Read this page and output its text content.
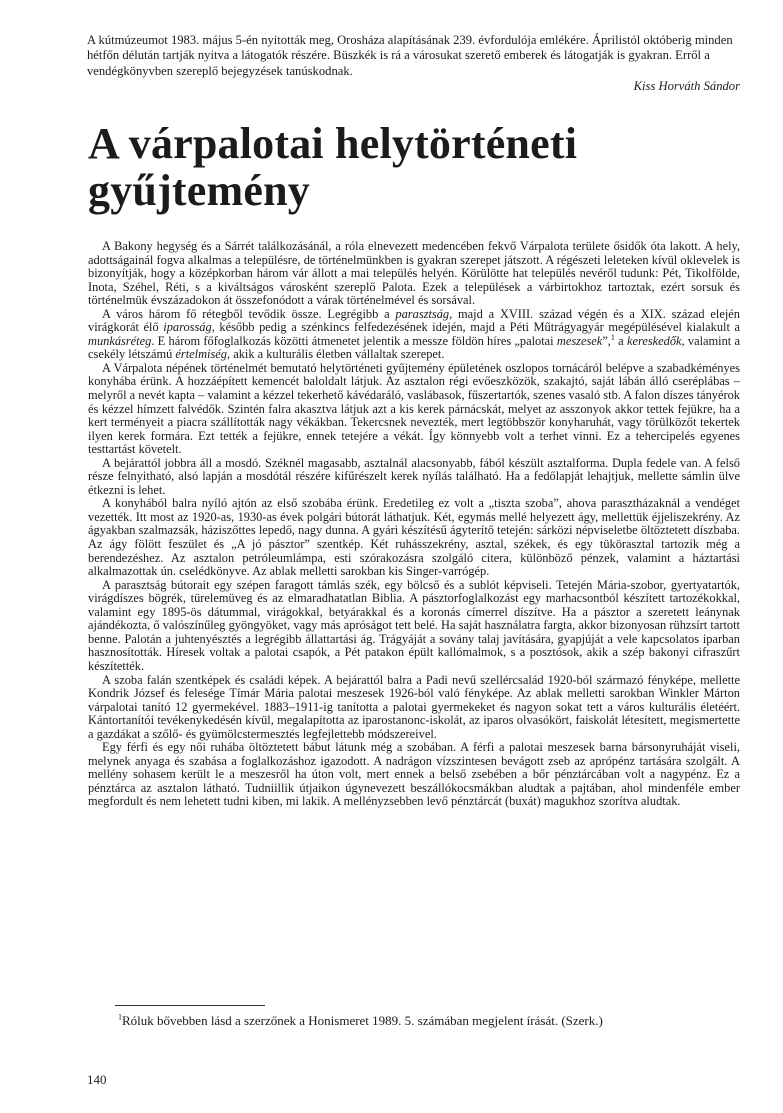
A kútmúzeumot 1983. május 5-én nyitották meg, Orosháza alapításának 239. évfordulója emlékére. Áprilistól októberig minden hétfőn délután tartják nyitva a látogatók részére. Büszkék is rá a városukat szerető emberek és látogatják is gyakran. Erről a vendégkönyvben szereplő bejegyzések tanúskodnak.

Kiss Horváth Sándor
A várpalotai helytörténeti gyűjtemény

A Bakony hegység és a Sárrét találkozásánál, a róla elnevezett medencében fekvő Várpalota területe ősidők óta lakott. A hely, adottságainál fogva alkalmas a településre, de történelmünkben is gyakran szerepet játszott. A régészeti leleteken kívül oklevelek is bizonyítják, hogy a középkorban három vár állott a mai település helyén. Körülötte hat település nevéről tudunk: Pét, Tikolföldе, Inota, Széhel, Réti, s a kiváltságos városként szereplő Palota. Ezek a települések a várbirtokhoz tartoztak, ezért sorsuk és történelmük évszázadokon át összefonódott a várak történelmével és sorsával.

A város három fő rétegből tevődik össze. Legrégibb a parasztság, majd a XVIII. század végén és a XIX. század elején virágkorát élő iparosság, később pedig a szénkincs felfedezésének idején, majd a Péti Műtrágyagyár megépülésével kialakult a munkásréteg. E három főfoglalkozás közötti átmenetet jelentik a messze földön híres „palotai meszesek”,$^1$ a kereskedők, valamint a csekély létszámú értelmiség, akik a kulturális életben vállaltak szerepet.

A Várpalota népének történelmét bemutató helytörténeti gyűjtemény épületének oszlopos tornácáról belépve a szabadkéményes konyhába érünk. A hozzáépített kemencét baloldalt látjuk. Az asztalon régi evőeszközök, szakajtó, saját lábán álló cseréplábas – melyről a nevét kapta – valamint a kézzel tekerhető kávédaráló, vaslábasok, fűszertartók, szenes vasaló stb. A falon díszes tányérok és kézzel hímzett falvédők. Szintén falra akasztva látjuk azt a kis kerek párnácskát, melyet az asszonyok akkor tettek fejükre, ha a kert terményeit a piacra szállították nagy vékákban. Tekercsnek nevezték, mert legtöbbször konyharuhát, vagy törülközőt tekertek ilyen kerek formára. Ezt tették a fejükre, ennek tetejére a vékát. Így könnyebb volt a terhet vinni. Ez a tehercipelés egyenes testtartást követelt.

A bejárattól jobbra áll a mosdó. Széknél magasabb, asztalnál alacsonyabb, fából készült asztalforma. Dupla fedele van. A felső része felnyitható, alsó lapján a mosdótál részére kifűrészelt kerek nyílás található. Ha a fedőlapját lehajtjuk, mellette sámlin ülve étkezni is lehet.

A konyhából balra nyíló ajtón az első szobába érünk. Eredetileg ez volt a „tiszta szoba”, ahova parasztházaknál a vendéget vezették. Itt most az 1920-as, 1930-as évek polgári bútorát láthatjuk. Két, egymás mellé helyezett ágy, mellettük éjjeliszekrény. Az ágyakban szalmazsák, háziszőttes lepedő, nagy dunna. A gyári készítésű ágyterítő tetején: sárközi népviseletbe öltöztetett díszbaba. Az ágy fölött feszület és „A jó pásztor” szentkép. Két ruhásszekrény, asztal, székek, és egy tükörasztal tartozik még a berendezéshez. Az asztalon petróleumlámpa, esti szórakozásra szolgáló citera, különböző pénzek, valamint a háztartási alkalmazottak ún. cselédkönyve. Az ablak melletti sarokban kis Singer-varrógép.

A parasztság bútorait egy szépen faragott támlás szék, egy bölcső és a sublót képviseli. Tetején Mária-szobor, gyertyatartók, virágdíszes bögrék, türelemüveg és az elmaradhatatlan Biblia. A pásztorfoglalkozást egy marhacsontból készített tartozékokkal, valamint egy 1895-ös dátummal, virágokkal, betyárakkal és a koronás címerrel díszítve. Ha a pásztor a szeretett leánynak ajándékozta, ő valószínűleg gyöngyöket, vagy más apróságot tett belé. Ha saját használatra fargta, akkor bizonyosan rühzsírt tartott benne. Palotán a juhtenyésztés a legrégibb állattartási ág. Trágyáját a sovány talaj javítására, gyapjúját a vele kapcsolatos iparban hasznosították. Híresek voltak a palotai csapók, a Pét patakon épült kallómalmok, s a posztósok, akik a szép bakonyi cifraszűrt készítették.

A szoba falán szentképek és családi képek. A bejárattól balra a Padi nevű szellércsalád 1920-ból származó fényképe, mellette Kondrik József és felesége Tímár Mária palotai meszesek 1926-ból való fényképe. Az ablak melletti sarokban Winkler Márton várpalotai tanító 12 gyermekével. 1883–1911-ig tanította a palotai gyermekeket és nagyon sokat tett a város kulturális életéért. Kántortanítói tevékenykedésén kívül, megalapította az iparostanonc-iskolát, az iparos olvasókört, faiskolát létesített, megismertette a gazdákat a szőlő- és gyümölcstermesztés legfejlettebb módszereivel.

Egy férfi és egy női ruhába öltöztetett bábut látunk még a szobában. A férfi a palotai meszesek barna bársonyruháját viseli, melynek anyaga és szabása a foglalkozáshoz igazodott. A nadrágon vízszintesen bevágott zseb az aprópénz tartására szolgált. A mellény sohasem került le a meszesről ha úton volt, mert ennek a belső zsebében a bőr pénztárcában volt a nagypénz. Ez a pénztárca az asztalon látható. Tudniillik útjaikon úgynevezett beszállókocsmákban aludtak a pajtában, ahol mindenféle ember megfordult és nem lehetett tudni kiben, mi lakik. A mellényzsebben levő pénztárcát (buxát) magukhoz szorítva aludtak.

$^1$Róluk bővebben lásd a szerzőnek a Honismeret 1989. 5. számában megjelent írását. (Szerk.)
140
